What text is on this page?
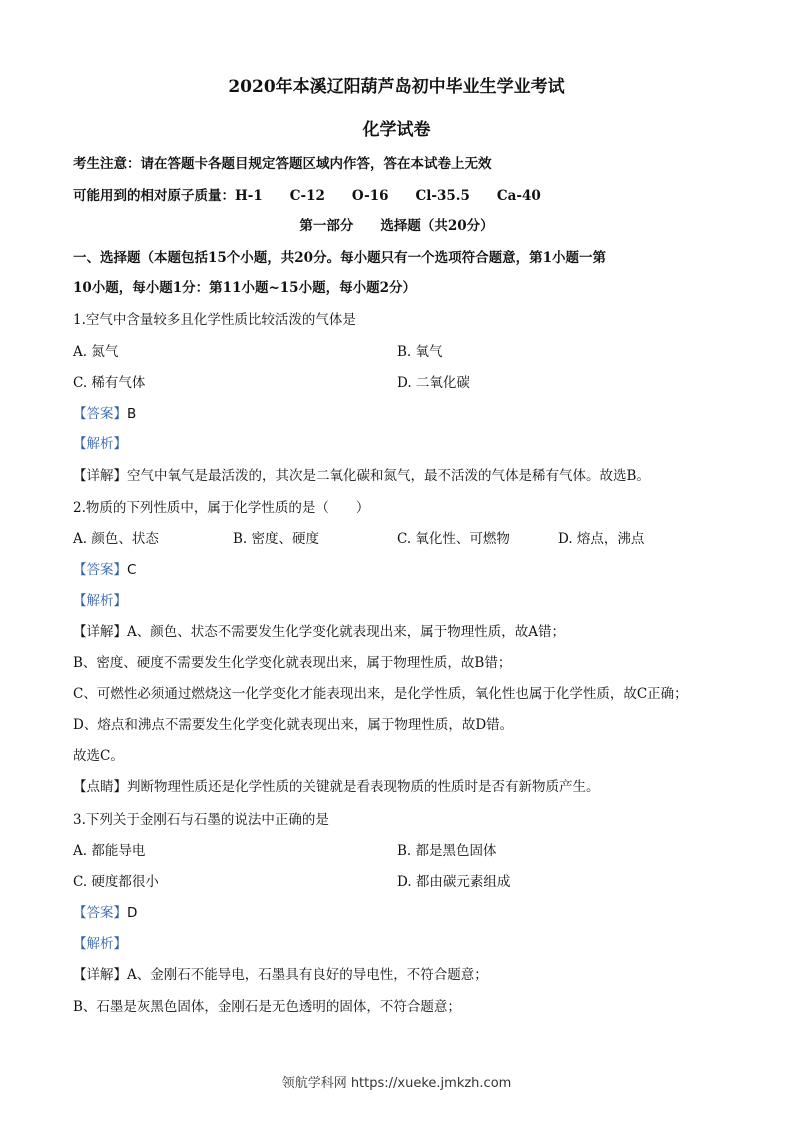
2020年本溪辽阳葫芦岛初中毕业生学业考试
化学试卷
考生注意：请在答题卡各题目规定答题区域内作答，答在本试卷上无效
可能用到的相对原子质量：H-1　　C-12　　O-16　　Cl-35.5　　Ca-40
第一部分　　选择题（共20分）
一、选择题（本题包括15个小题，共20分。每小题只有一个选项符合题意，第1小题一第
10小题，每小题1分：第11小题~15小题，每小题2分）
1.空气中含量较多且化学性质比较活泼的气体是
A. 氮气	B. 氧气
C. 稀有气体	D. 二氧化碳
【答案】B
【解析】
【详解】空气中氧气是最活泼的，其次是二氧化碳和氮气，最不活泼的气体是稀有气体。故选B。
2.物质的下列性质中，属于化学性质的是（　　）
A. 颜色、状态	B. 密度、硬度	C. 氧化性、可燃物	D. 熔点，沸点
【答案】C
【解析】
【详解】A、颜色、状态不需要发生化学变化就表现出来，属于物理性质，故A错；
B、密度、硬度不需要发生化学变化就表现出来，属于物理性质，故B错；
C、可燃性必须通过燃烧这一化学变化才能表现出来，是化学性质，氧化性也属于化学性质，故C正确；
D、熔点和沸点不需要发生化学变化就表现出来，属于物理性质，故D错。
故选C。
【点睛】判断物理性质还是化学性质的关键就是看表现物质的性质时是否有新物质产生。
3.下列关于金刚石与石墨的说法中正确的是
A. 都能导电	B. 都是黑色固体
C. 硬度都很小	D. 都由碳元素组成
【答案】D
【解析】
【详解】A、金刚石不能导电，石墨具有良好的导电性，不符合题意；
B、石墨是灰黑色固体，金刚石是无色透明的固体，不符合题意；
领航学科网 https://xueke.jmkzh.com
